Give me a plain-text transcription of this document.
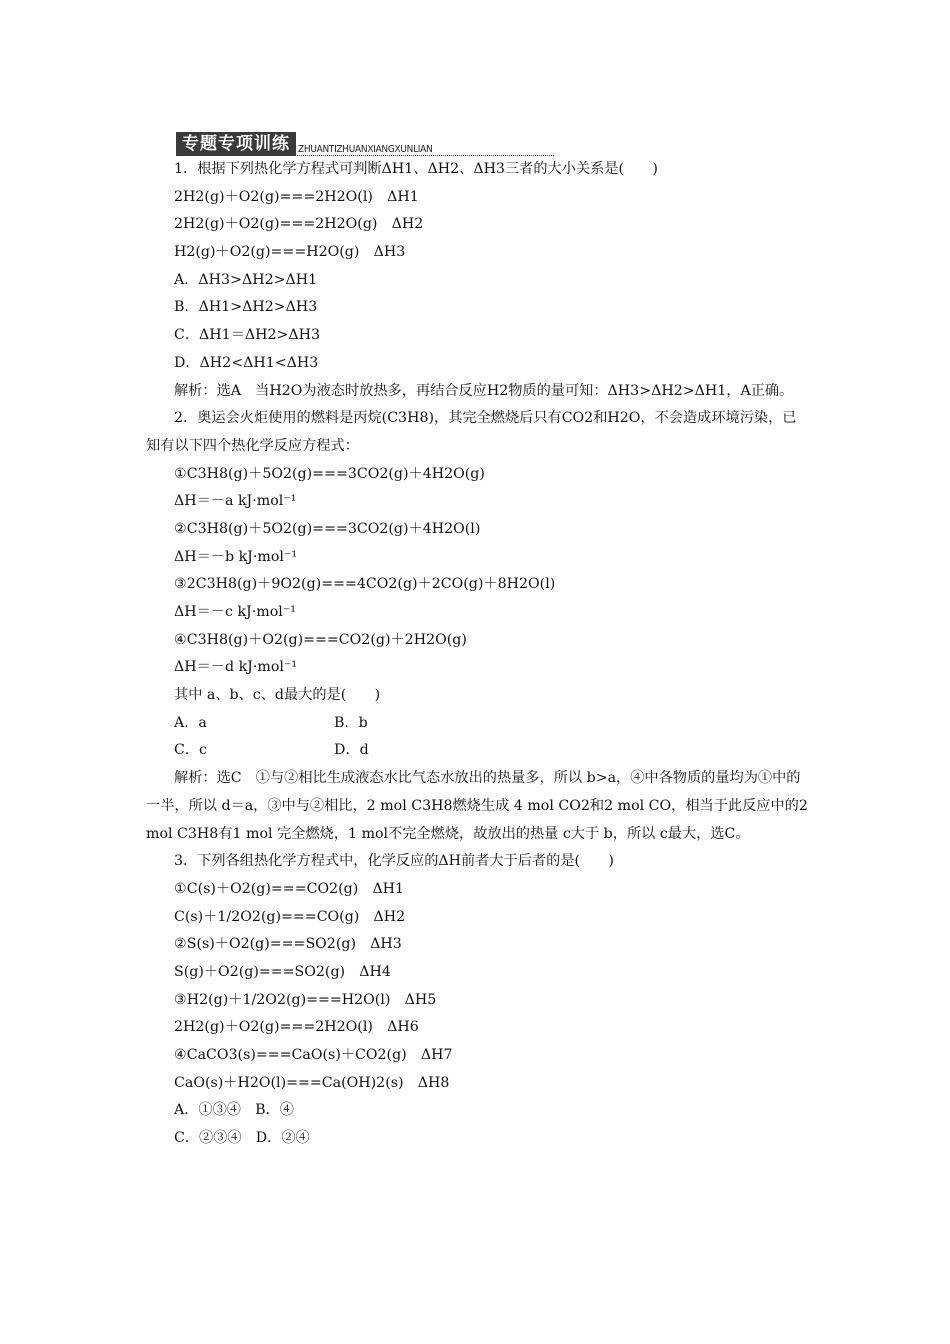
专题专项训练 ZHUANTIZHUANXIANGXUNLIAN
1．根据下列热化学方程式可判断ΔH1、ΔH2、ΔH3三者的大小关系是(　　)
2H2(g)＋O2(g)===2H2O(l)　ΔH1
2H2(g)＋O2(g)===2H2O(g)　ΔH2
H2(g)＋O2(g)===H2O(g)　ΔH3
A．ΔH3>ΔH2>ΔH1
B．ΔH1>ΔH2>ΔH3
C．ΔH1＝ΔH2>ΔH3
D．ΔH2<ΔH1<ΔH3
解析：选A　当H2O为液态时放热多，再结合反应H2物质的量可知：ΔH3>ΔH2>ΔH1，A正确。
2．奥运会火炬使用的燃料是丙烷(C3H8)，其完全燃烧后只有CO2和H2O，不会造成环境污染，已知有以下四个热化学反应方程式：
①C3H8(g)＋5O2(g)===3CO2(g)＋4H2O(g)
ΔH＝－a kJ·mol⁻¹
②C3H8(g)＋5O2(g)===3CO2(g)＋4H2O(l)
ΔH＝－b kJ·mol⁻¹
③2C3H8(g)＋9O2(g)===4CO2(g)＋2CO(g)＋8H2O(l)
ΔH＝－c kJ·mol⁻¹
④C3H8(g)＋O2(g)===CO2(g)＋2H2O(g)
ΔH＝－d kJ·mol⁻¹
其中 a、b、c、d最大的是(　　)
A．a	B．b
C．c	D．d
解析：选C　①与②相比生成液态水比气态水放出的热量多，所以 b>a，④中各物质的量均为①中的一半，所以 d＝a，③中与②相比，2 mol C3H8燃烧生成 4 mol CO2和2 mol CO，相当于此反应中的2 mol C3H8有1 mol 完全燃烧，1 mol不完全燃烧，故放出的热量 c大于 b，所以 c最大，选C。
3．下列各组热化学方程式中，化学反应的ΔH前者大于后者的是(　　)
①C(s)＋O2(g)===CO2(g)　ΔH1
C(s)＋1/2O2(g)===CO(g)　ΔH2
②S(s)＋O2(g)===SO2(g)　ΔH3
S(g)＋O2(g)===SO2(g)　ΔH4
③H2(g)＋1/2O2(g)===H2O(l)　ΔH5
2H2(g)＋O2(g)===2H2O(l)　ΔH6
④CaCO3(s)===CaO(s)＋CO2(g)　ΔH7
CaO(s)＋H2O(l)===Ca(OH)2(s)　ΔH8
A．①③④　B．④
C．②③④　D．②④
